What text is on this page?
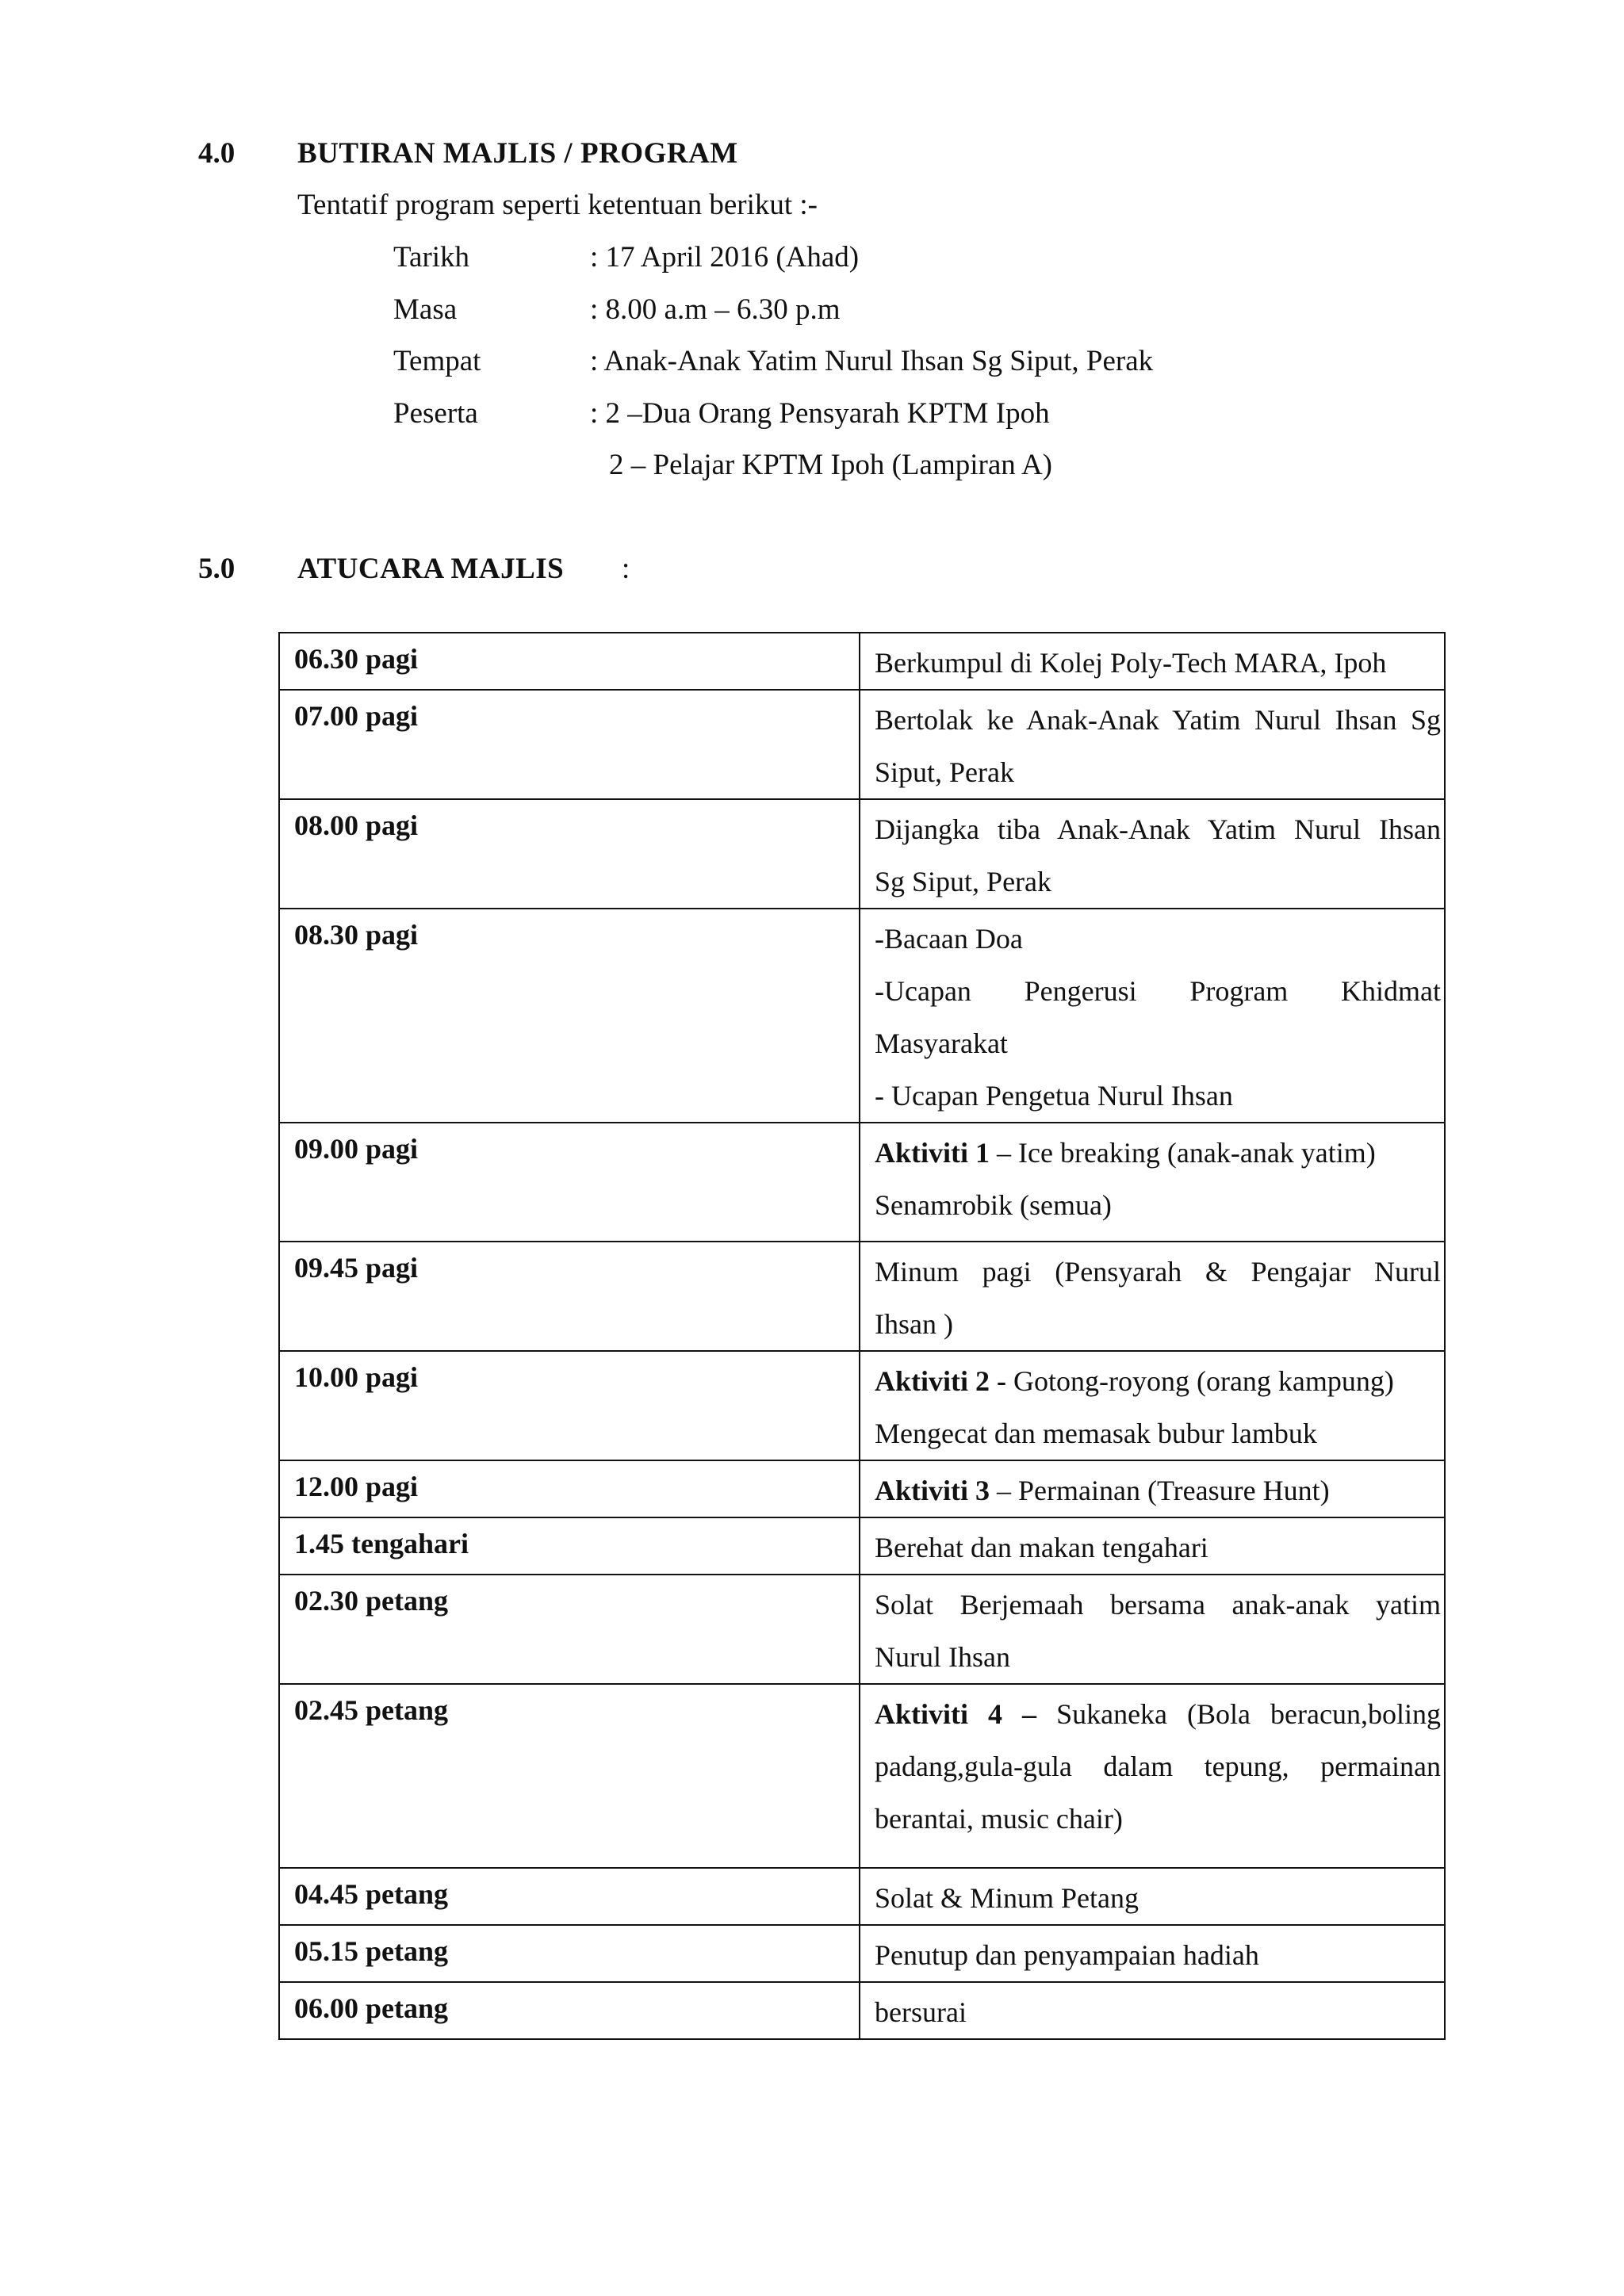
4.0 BUTIRAN MAJLIS / PROGRAM
Tentatif program seperti ketentuan berikut :-
Tarikh	: 17 April 2016 (Ahad)
Masa	: 8.00 a.m – 6.30 p.m
Tempat	: Anak-Anak Yatim Nurul Ihsan Sg Siput, Perak
Peserta	: 2 –Dua Orang Pensyarah KPTM Ipoh
2 – Pelajar KPTM Ipoh (Lampiran A)
5.0 ATUCARA MAJLIS :
06.30 pagi	Berkumpul di Kolej Poly-Tech MARA, Ipoh

07.00 pagi	Bertolak ke Anak-Anak Yatim Nurul Ihsan Sg
Siput, Perak

08.00 pagi	Dijangka tiba Anak-Anak Yatim Nurul Ihsan
Sg Siput, Perak

08.30 pagi	-Bacaan Doa
-Ucapan Pengerusi Program Khidmat
Masyarakat
- Ucapan Pengetua Nurul Ihsan

09.00 pagi	Aktiviti 1 – Ice breaking (anak-anak yatim)
Senamrobik (semua)

09.45 pagi	Minum pagi (Pensyarah & Pengajar Nurul
Ihsan )

10.00 pagi	Aktiviti 2 - Gotong-royong (orang kampung)
Mengecat dan memasak bubur lambuk

12.00 pagi	Aktiviti 3 – Permainan (Treasure Hunt)

1.45 tengahari	Berehat dan makan tengahari

02.30 petang	Solat Berjemaah bersama anak-anak yatim
Nurul Ihsan

02.45 petang	Aktiviti 4 – Sukaneka (Bola beracun,boling
padang,gula-gula dalam tepung, permainan
berantai, music chair)

04.45 petang	Solat & Minum Petang

05.15 petang	Penutup dan penyampaian hadiah

06.00 petang	bersurai
